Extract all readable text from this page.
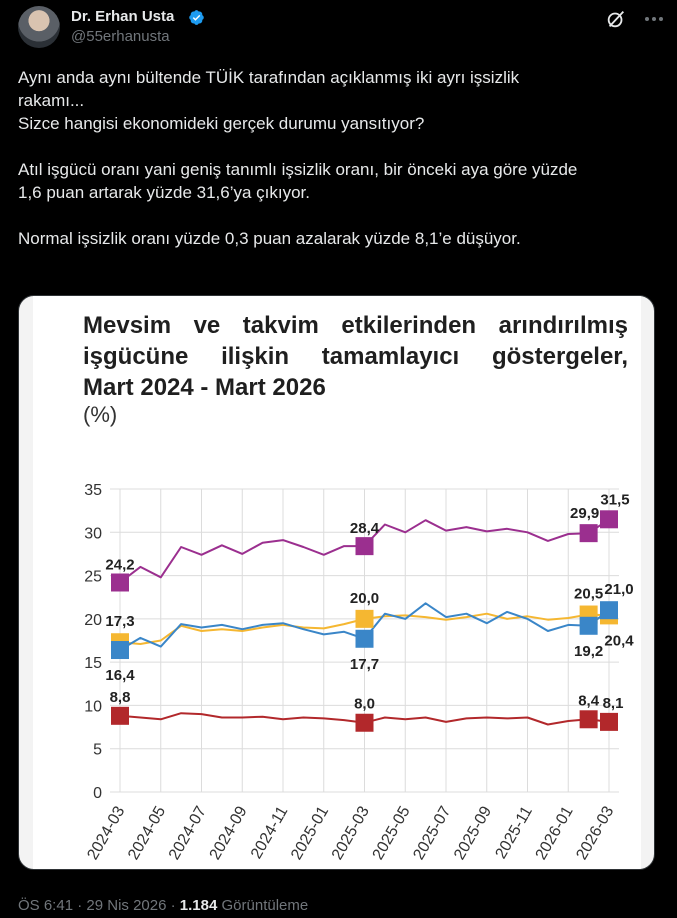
Dr. Erhan Usta
@55erhanusta

Aynı anda aynı bültende TÜİK tarafından açıklanmış iki ayrı işsizlik

rakamı...

Sizce hangisi ekonomideki gerçek durumu yansıtıyor?

Atıl işgücü oranı yani geniş tanımlı işsizlik oranı, bir önceki aya göre yüzde

1,6 puan artarak yüzde 31,6’ya çıkıyor.

Normal işsizlik oranı yüzde 0,3 puan azalarak yüzde 8,1’e düşüyor.

Mevsim ve takvim etkilerinden arındırılmış
işgücüne ilişkin tamamlayıcı göstergeler,
Mart 2024 - Mart 2026
(%)
0
5
10
15
20
25
30
35
2024-03
2024-05
2024-07
2024-09
2024-11
2025-01
2025-03
2025-05
2025-07
2025-09
2025-11
2026-01
2026-03
24,2
28,4
29,9
31,5
17,3
20,0	20,5
20,4
16,4
17,7
19,2
21,0
8,8	8,0	8,4 8,1
ÖS 6:41 · 29 Nis 2026 · 1.184 Görüntüleme
